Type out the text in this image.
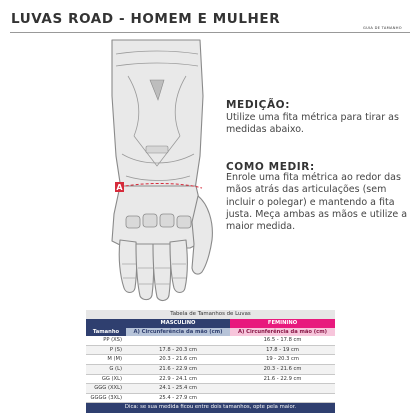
LUVAS ROAD - HOMEM E MULHER
GUIA DE TAMANHO
A
MEDIÇÃO:
Utilize uma fita métrica para tirar as medidas abaixo.
COMO MEDIR:
Enrole uma fita métrica ao redor das mãos atrás das articulações (sem incluir o polegar) e mantendo a fita justa. Meça ambas as mãos e utilize a maior medida.
Tabela de Tamanhos de Luvas		
	MASCULINO	FEMININO
Tamanho	A) Circunferência da mão (cm)	A) Circunferência da mão (cm)
PP (XS)		16.5 - 17.8 cm
P (S)	17.8 - 20.3 cm	17.8 - 19 cm
M (M)	20.3 - 21.6 cm	19 - 20.3 cm
G (L)	21.6 - 22.9 cm	20.3 - 21.6 cm
GG (XL)	22.9 - 24.1 cm	21.6 - 22.9 cm
GGG (XXL)	24.1 - 25.4 cm	
GGGG (3XL)	25.4 - 27.9 cm	
Dica: se sua medida ficou entre dois tamanhos, opte pela maior.		
